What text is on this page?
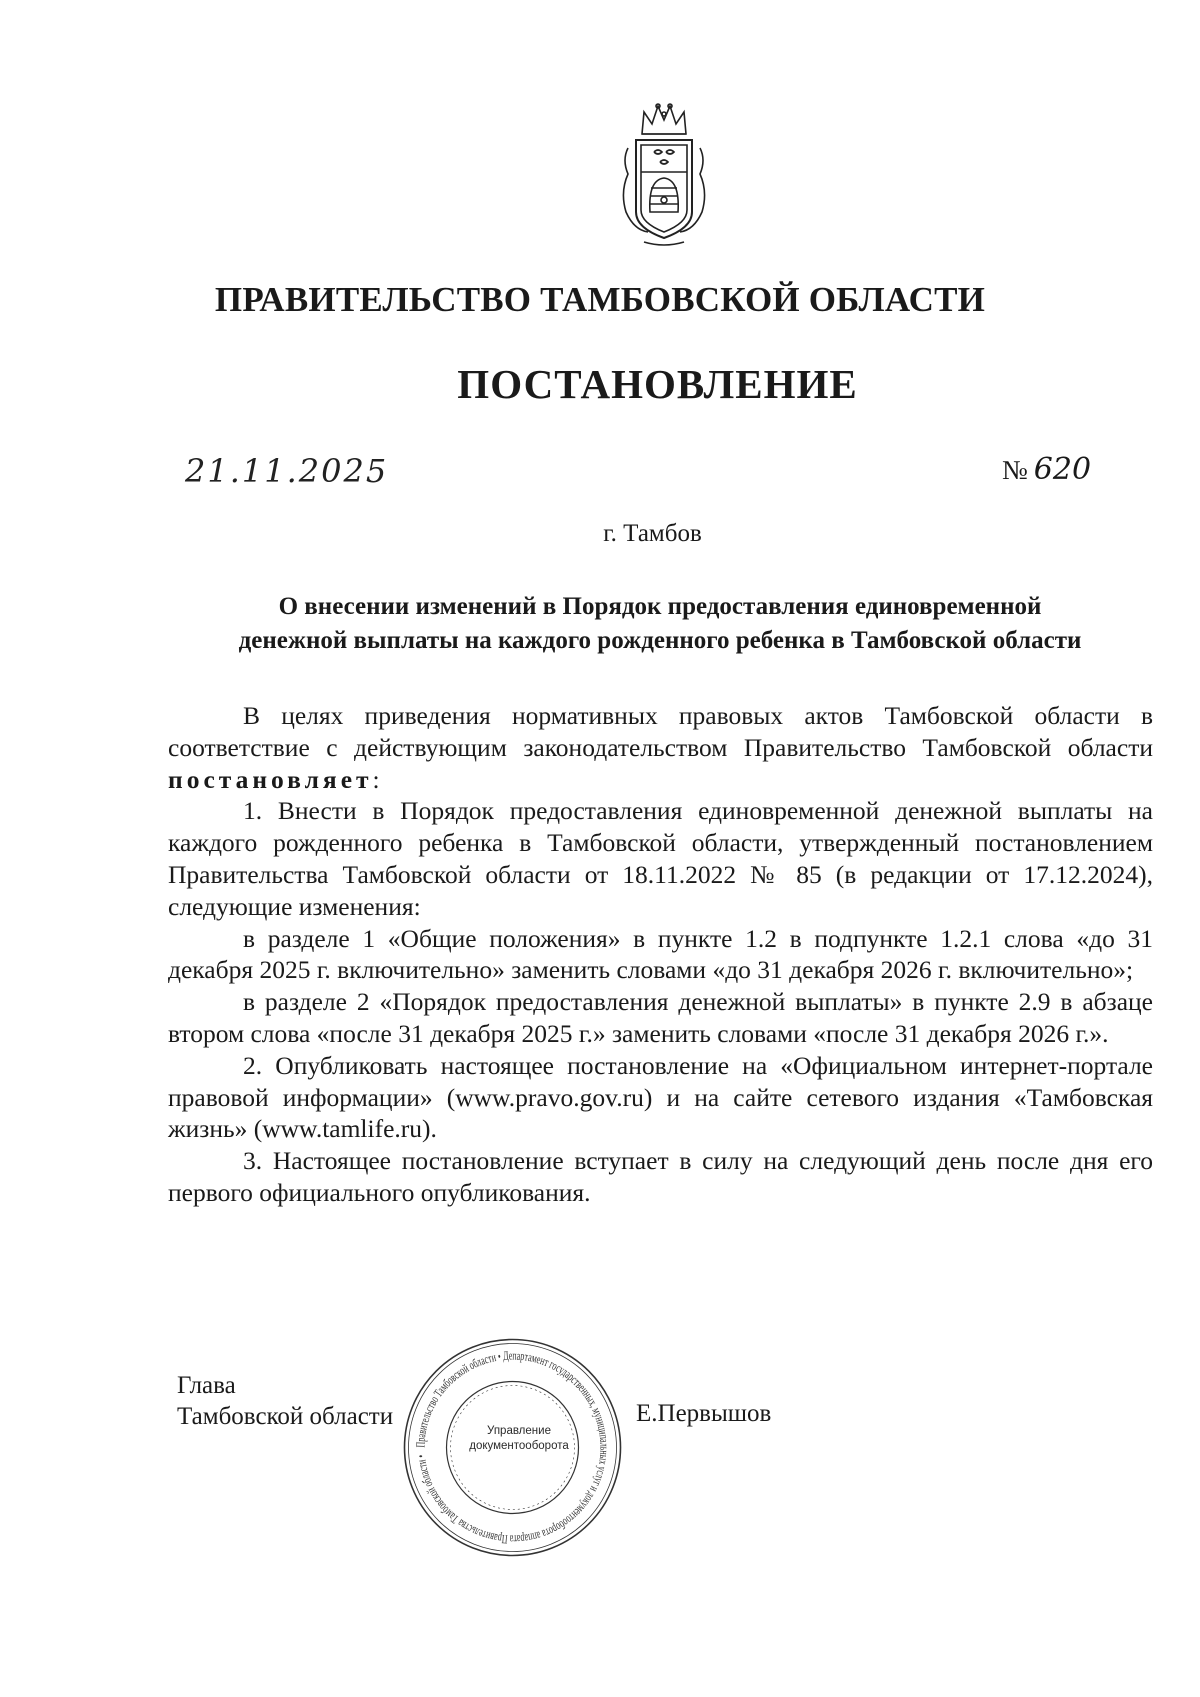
ПРАВИТЕЛЬСТВО ТАМБОВСКОЙ ОБЛАСТИ
ПОСТАНОВЛЕНИЕ
21.11.2025	№ 620
г. Тамбов
О внесении изменений в Порядок предоставления единовременной
денежной выплаты на каждого рожденного ребенка в Тамбовской области

В целях приведения нормативных правовых актов Тамбовской области в соответствие с действующим законодательством Правительство Тамбовской области постановляет:

1. Внести в Порядок предоставления единовременной денежной выплаты на каждого рожденного ребенка в Тамбовской области, утвержденный постановлением Правительства Тамбовской области от 18.11.2022 № 85 (в редакции от 17.12.2024), следующие изменения:

в разделе 1 «Общие положения» в пункте 1.2 в подпункте 1.2.1 слова «до 31 декабря 2025 г. включительно» заменить словами «до 31 декабря 2026 г. включительно»;

в разделе 2 «Порядок предоставления денежной выплаты» в пункте 2.9 в абзаце втором слова «после 31 декабря 2025 г.» заменить словами «после 31 декабря 2026 г.».

2. Опубликовать настоящее постановление на «Официальном интернет-портале правовой информации» (www.pravo.gov.ru) и на сайте сетевого издания «Тамбовская жизнь» (www.tamlife.ru).

3. Настоящее постановление вступает в силу на следующий день после дня его первого официального опубликования.

Глава
Тамбовской области	Е.Первышов
Правительство Тамбовской области • Департамент государственных, муниципальных услуг и документооборота аппарата Правительства Тамбовской области •
Управление
документооборота
